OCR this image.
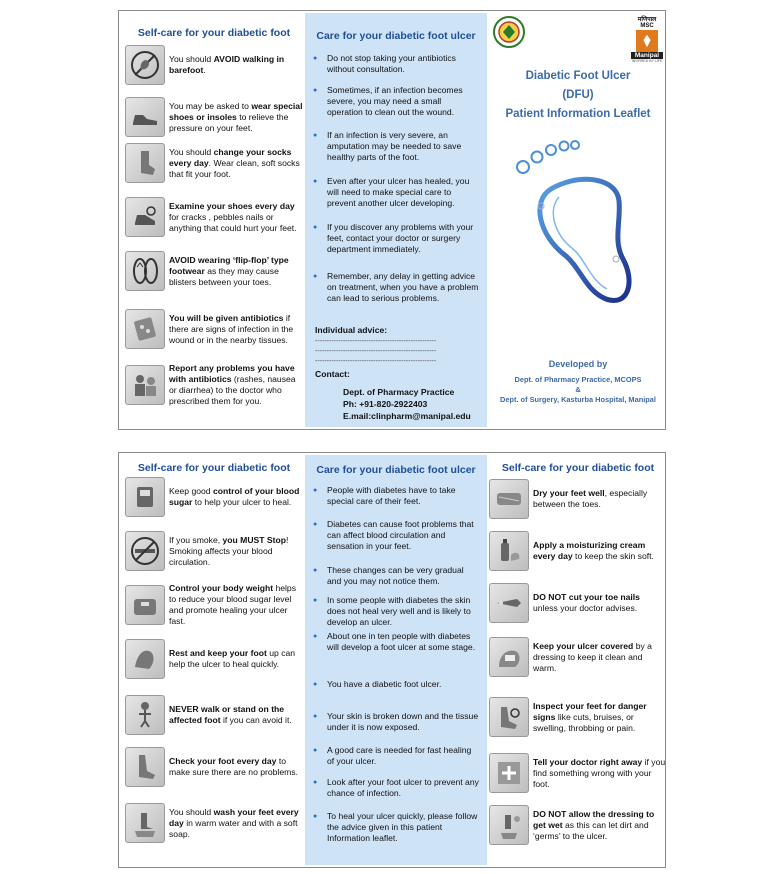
Self-care for your diabetic foot
You should AVOID walking in barefoot.
You may be asked to wear special shoes or insoles to relieve the pressure on your feet.
You should change your socks every day. Wear clean, soft socks that fit your foot.
Examine your shoes every day for cracks , pebbles nails or anything that could hurt your feet.
AVOID wearing ‘flip-flop’ type footwear as they may cause blisters between your toes.
You will be given antibiotics if there are signs of infection in the wound or in the nearby tissues.
Report any problems you have with antibiotics (rashes, nausea or diarrhea) to the doctor who prescribed them for you.
Care for your diabetic foot ulcer
● Do not stop taking your antibiotics without consultation.
● Sometimes, if an infection becomes severe, you may need a small operation to clean out the wound.
● If an infection is very severe, an amputation may be needed to save healthy parts of the foot.
● Even after your ulcer has healed, you will need to make special care to prevent another ulcer developing.
● If you discover any problems with your feet, contact your doctor or surgery department immediately.
● Remember, any delay in getting advice on treatment, when you have a problem can lead to serious problems.
Individual advice:
----------------------------------------------------
----------------------------------------------------
----------------------------------------------------
Contact:
Dept. of Pharmacy Practice
Ph: +91-820-2922403
E.mail:clinpharm@manipal.edu
मणिपाल MSC
Manipal
INSPIRED BY LIFE
Diabetic Foot Ulcer
(DFU)
Patient Information Leaflet
Developed by
Dept. of Pharmacy Practice, MCOPS
&
Dept. of Surgery, Kasturba Hospital, Manipal
Self-care for your diabetic foot
Keep good control of your blood sugar to help your ulcer to heal.
If you smoke, you MUST Stop! Smoking affects your blood circulation.
Control your body weight helps to reduce your blood sugar level and promote healing your ulcer fast.
Rest and keep your foot up can help the ulcer to heal quickly.
NEVER walk or stand on the affected foot if you can avoid it.
Check your foot every day to make sure there are no problems.
You should wash your feet every day in warm water and with a soft soap.
Care for your diabetic foot ulcer
● People with diabetes have to take special care of their feet.
● Diabetes can cause foot problems that can affect blood circulation and sensation in your feet.
● These changes can be very gradual and you may not notice them.
● In some people with diabetes the skin does not heal very well and is likely to develop an ulcer.
● About one in ten people with diabetes will develop a foot ulcer at some stage.
● You have a diabetic foot ulcer.
● Your skin is broken down and the tissue under it is now exposed.
● A good care is needed for fast healing of your ulcer.
● Look after your foot ulcer to prevent any chance of infection.
● To heal your ulcer quickly, please follow the advice given in this patient Information leaflet.
Self-care for your diabetic foot
Dry your feet well, especially between the toes.
Apply a moisturizing cream every day to keep the skin soft.
DO NOT cut your toe nails unless your doctor advises.
Keep your ulcer covered by a dressing to keep it clean and warm.
Inspect your feet for danger signs like cuts, bruises, or swelling, throbbing or pain.
Tell your doctor right away if you find something wrong with your foot.
DO NOT allow the dressing to get wet as this can let dirt and ‘germs’ to the ulcer.
